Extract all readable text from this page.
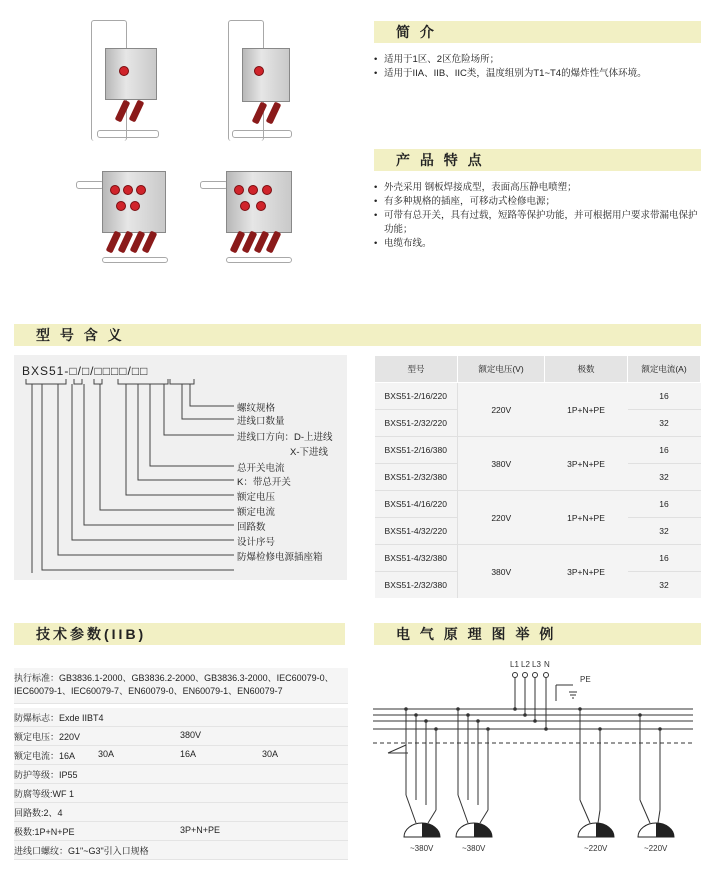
简 介
• 适用于1区、2区危险场所；
• 适用于IIA、IIB、IIC类，温度组别为T1~T4的爆炸性气体环境。
产 品 特 点
• 外壳采用 钢板焊接成型，表面高压静电喷塑；
• 有多种规格的插座，可移动式检修电源；
• 可带有总开关，具有过载，短路等保护功能，并可根据用户要求带漏电保护功能；
• 电缆布线。
型 号 含 义
BXS51-□/□/□□□□/□□
螺纹规格
进线口数量
进线口方向：D-上进线
X-下进线
总开关电流
K：带总开关
额定电压
额定电流
回路数
设计序号
防爆检修电源插座箱
型号	额定电压(V)	极数	额定电流(A)
BXS51-2/16/220	220V	1P+N+PE	16
BXS51-2/32/220			32
BXS51-2/16/380	380V	3P+N+PE	16
BXS51-2/32/380			32
BXS51-4/16/220	220V	1P+N+PE	16
BXS51-4/32/220			32
BXS51-4/32/380	380V	3P+N+PE	16
BXS51-2/32/380			32
技术参数(IIB)
执行标准：GB3836.1-2000、GB3836.2-2000、GB3836.3-2000、IEC60079-0、IEC60079-1、IEC60079-7、EN60079-0、EN60079-1、EN60079-7
防爆标志：Exde IIBT4
额定电压：220V	380V
额定电流：16A	30A	16A	30A
防护等级：IP55
防腐等级:WF 1
回路数:2、4
极数:1P+N+PE	3P+N+PE
进线口螺纹：G1"~G3"引入口规格
电 气 原 理 图 举 例
L1 L2 L3 N
PE
~380V	~380V	~220V	~220V
